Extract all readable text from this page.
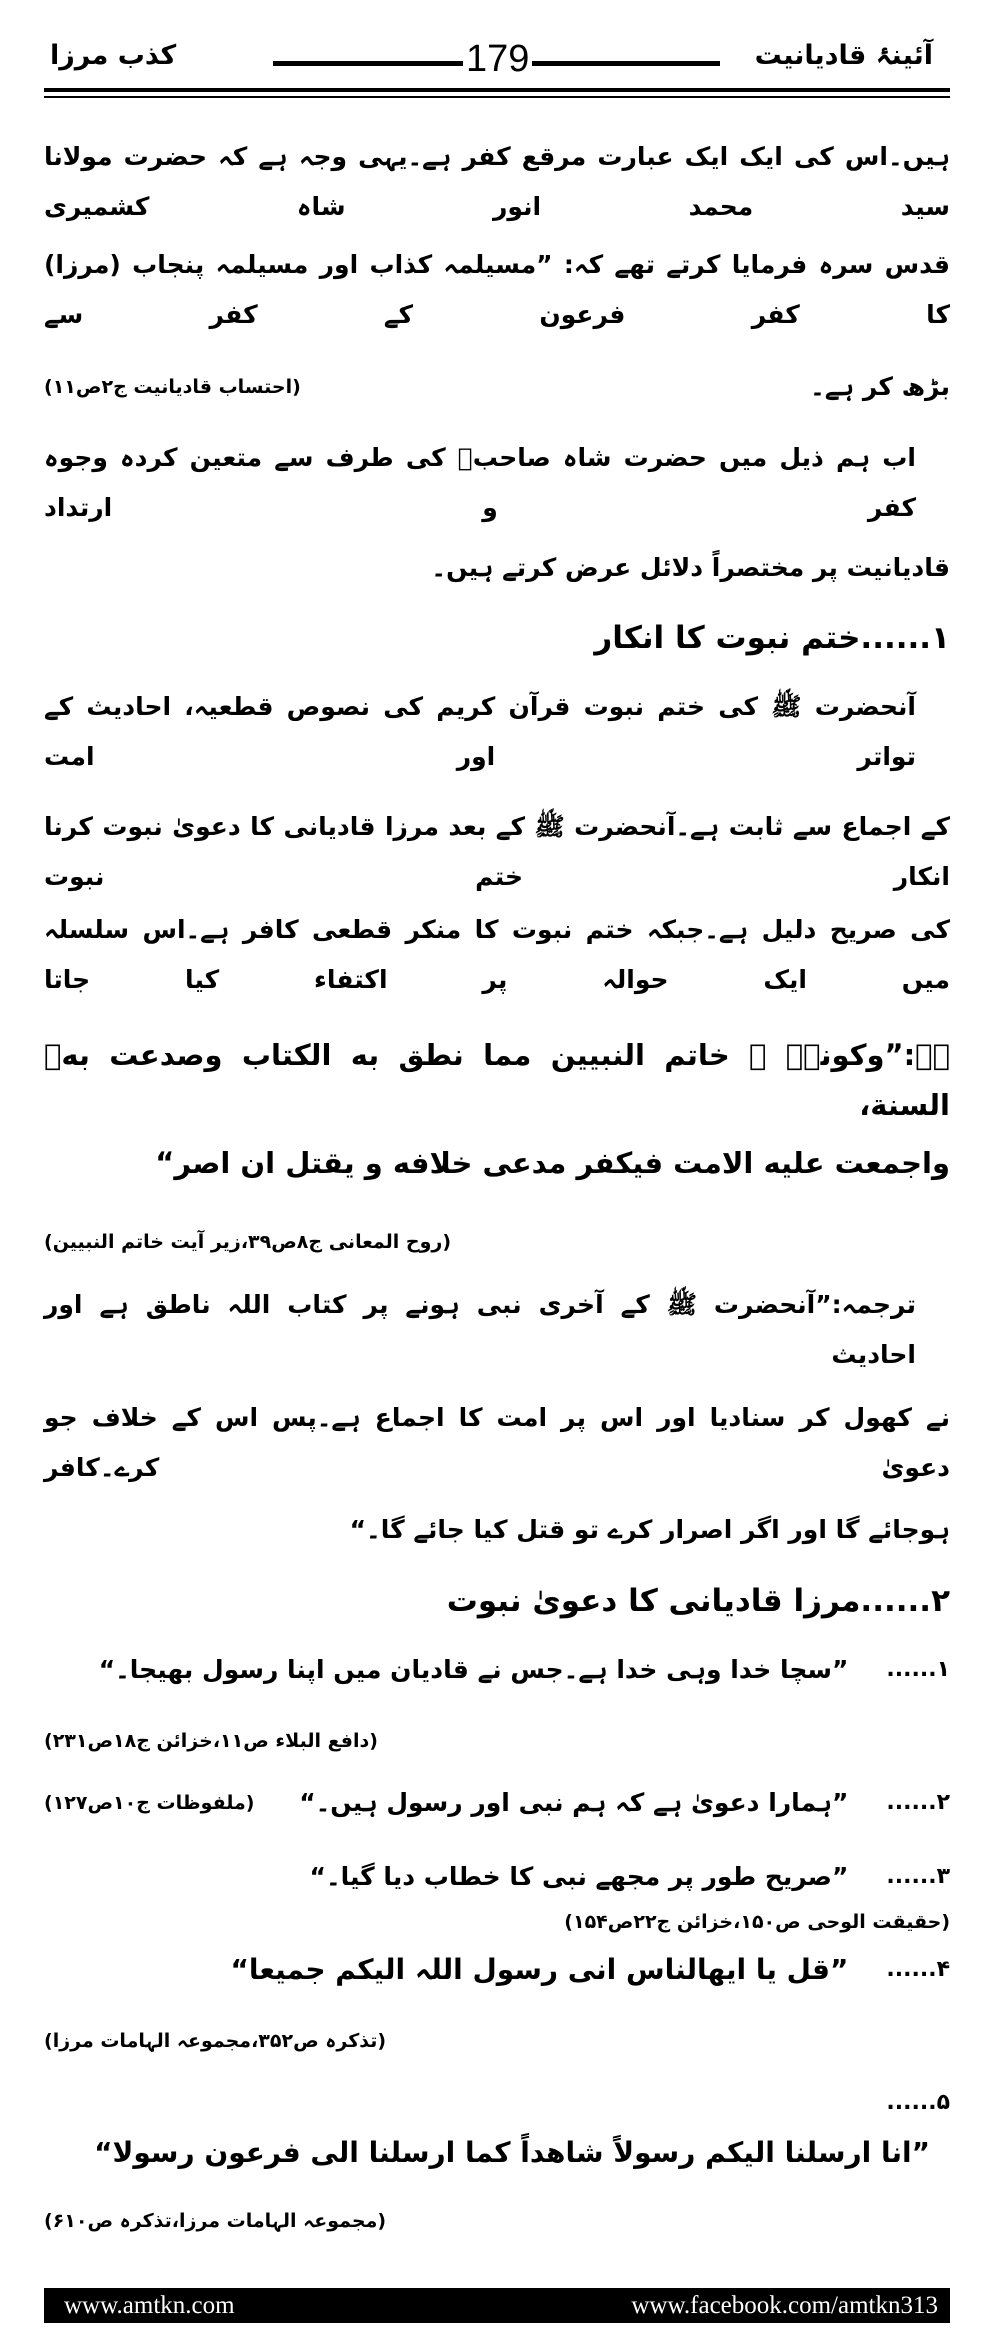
آئینۂ قادیانیت
179
کذب مرزا
ہیں۔اس کی ایک ایک عبارت مرقع کفر ہے۔یہی وجہ ہے کہ حضرت مولانا سید محمد انور شاہ کشمیری
قدس سرہ فرمایا کرتے تھے کہ: ”مسیلمہ کذاب اور مسیلمہ پنجاب (مرزا) کا کفر فرعون کے کفر سے
بڑھ کر ہے۔
(احتساب قادیانیت ج۲ص۱۱)
اب ہم ذیل میں حضرت شاہ صاحبؒ کی طرف سے متعین کردہ وجوہ کفر و ارتداد
قادیانیت پر مختصراً دلائل عرض کرتے ہیں۔
۱......ختم نبوت کا انکار
آنحضرت ﷺ کی ختم نبوت قرآن کریم کی نصوص قطعیہ، احادیث کے تواتر اور امت
کے اجماع سے ثابت ہے۔آنحضرت ﷺ کے بعد مرزا قادیانی کا دعویٰ نبوت کرنا انکار ختم نبوت
کی صریح دلیل ہے۔جبکہ ختم نبوت کا منکر قطعی کافر ہے۔اس سلسلہ میں ایک حوالہ پر اکتفاء کیا جاتا
ہے:”وکونہٖ ﷺ خاتم النبیین مما نطق به الکتاب وصدعت بهٖ السنة،
واجمعت علیه الامت فیکفر مدعی خلافه و یقتل ان اصر“
(روح المعانی ج۸ص۳۹،زیر آیت خاتم النبیین)
ترجمہ:”آنحضرت ﷺ کے آخری نبی ہونے پر کتاب اللہ ناطق ہے اور احادیث
نے کھول کر سنادیا اور اس پر امت کا اجماع ہے۔پس اس کے خلاف جو دعویٰ کرے۔کافر
ہوجائے گا اور اگر اصرار کرے تو قتل کیا جائے گا۔“
۲......مرزا قادیانی کا دعویٰ نبوت
۱......
”سچا خدا وہی خدا ہے۔جس نے قادیان میں اپنا رسول بھیجا۔“
(دافع البلاء ص۱۱،خزائن ج۱۸ص۲۳۱)
۲......
”ہمارا دعویٰ ہے کہ ہم نبی اور رسول ہیں۔“
(ملفوظات ج۱۰ص۱۲۷)
۳......
”صریح طور پر مجھے نبی کا خطاب دیا گیا۔“
(حقیقت الوحی ص۱۵۰،خزائن ج۲۲ص۱۵۴)
۴......
”قل یا ایھالناس انی رسول اللہ الیکم جمیعا“
(تذکرہ ص۳۵۲،مجموعہ الہامات مرزا)
۵......
”انا ارسلنا الیکم رسولاً شاھداً کما ارسلنا الی فرعون رسولا“
(مجموعہ الہامات مرزا،تذکرہ ص۶۱۰)
www.amtkn.com	www.facebook.com/amtkn313
